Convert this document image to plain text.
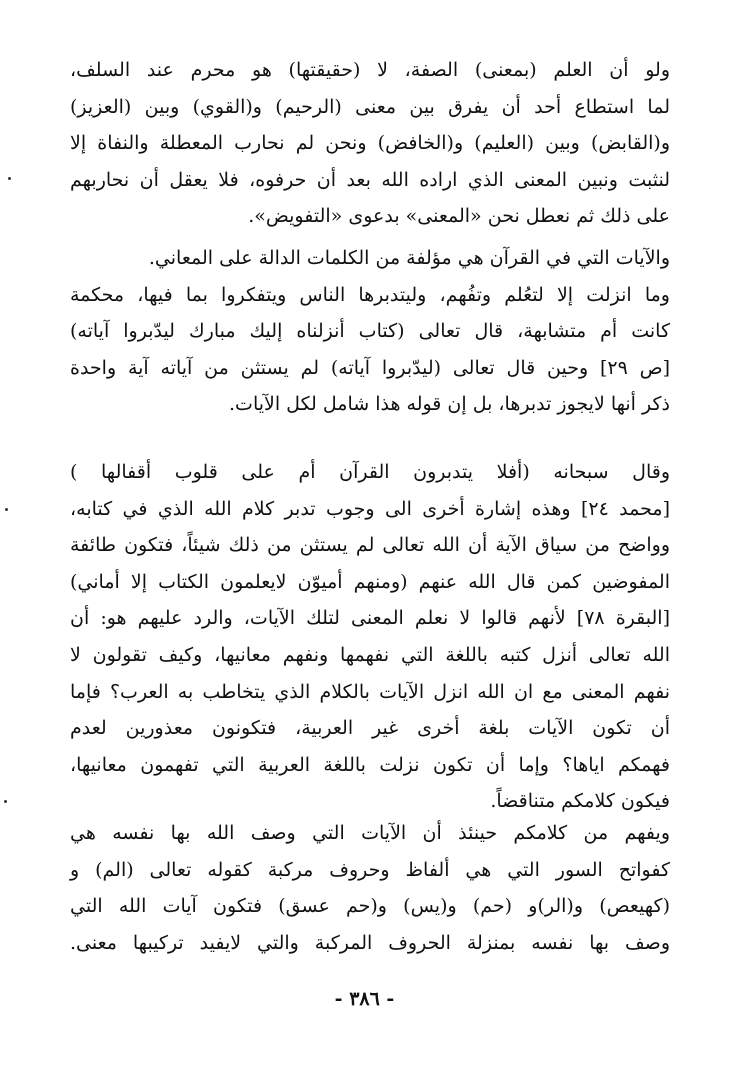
ولو أن العلم (بمعنى) الصفة، لا (حقيقتها) هو محرم عند السلف،
لما استطاع أحد أن يفرق بين معنى (الرحيم) و(القوي) وبين (العزيز)
و(القابض) وبين (العليم) و(الخافض) ونحن لم نحارب المعطلة والنفاة إلا
لنثبت ونبين المعنى الذي اراده الله بعد أن حرفوه، فلا يعقل أن نحاربهم
على ذلك ثم نعطل نحن «المعنى» بدعوى «التفويض».
والآيات التي في القرآن هي مؤلفة من الكلمات الدالة على المعاني.
وما انزلت إلا لتعُلم وتفُهم، وليتدبرها الناس ويتفكروا بما فيها، محكمة
كانت أم متشابهة، قال تعالى (كتاب أنزلناه إليك مبارك ليدّبروا آياته)
[ص ٢٩] وحين قال تعالى (ليدّبروا آياته) لم يستثن من آياته آية واحدة
ذكر أنها لايجوز تدبرها، بل إن قوله هذا شامل لكل الآيات.
وقال سبحانه (أفلا يتدبرون القرآن أم على قلوب أقفالها )
[محمد ٢٤] وهذه إشارة أخرى الى وجوب تدبر كلام الله الذي في كتابه،
وواضح من سياق الآية أن الله تعالى لم يستثن من ذلك شيئاً، فتكون طائفة
المفوضين كمن قال الله عنهم (ومنهم أميوّن لايعلمون الكتاب إلا أماني)
[البقرة ٧٨] لأنهم قالوا لا نعلم المعنى لتلك الآيات، والرد عليهم هو: أن
الله تعالى أنزل كتبه باللغة التي نفهمها ونفهم معانيها، وكيف تقولون لا
نفهم المعنى مع ان الله انزل الآيات بالكلام الذي يتخاطب به العرب؟ فإما
أن تكون الآيات بلغة أخرى غير العربية، فتكونون معذورين لعدم
فهمكم اياها؟ وإما أن تكون نزلت باللغة العربية التي تفهمون معانيها،
فيكون كلامكم متناقضاً.
ويفهم من كلامكم حينئذ أن الآيات التي وصف الله بها نفسه هي
كفواتح السور التي هي ألفاظ وحروف مركبة كقوله تعالى (الم) و
(كهيعص) و(الر)و (حم) و(يس) و(حم عسق) فتكون آيات الله التي
وصف بها نفسه بمنزلة الحروف المركبة والتي لايفيد تركيبها معنى.
- ٣٨٦ -
